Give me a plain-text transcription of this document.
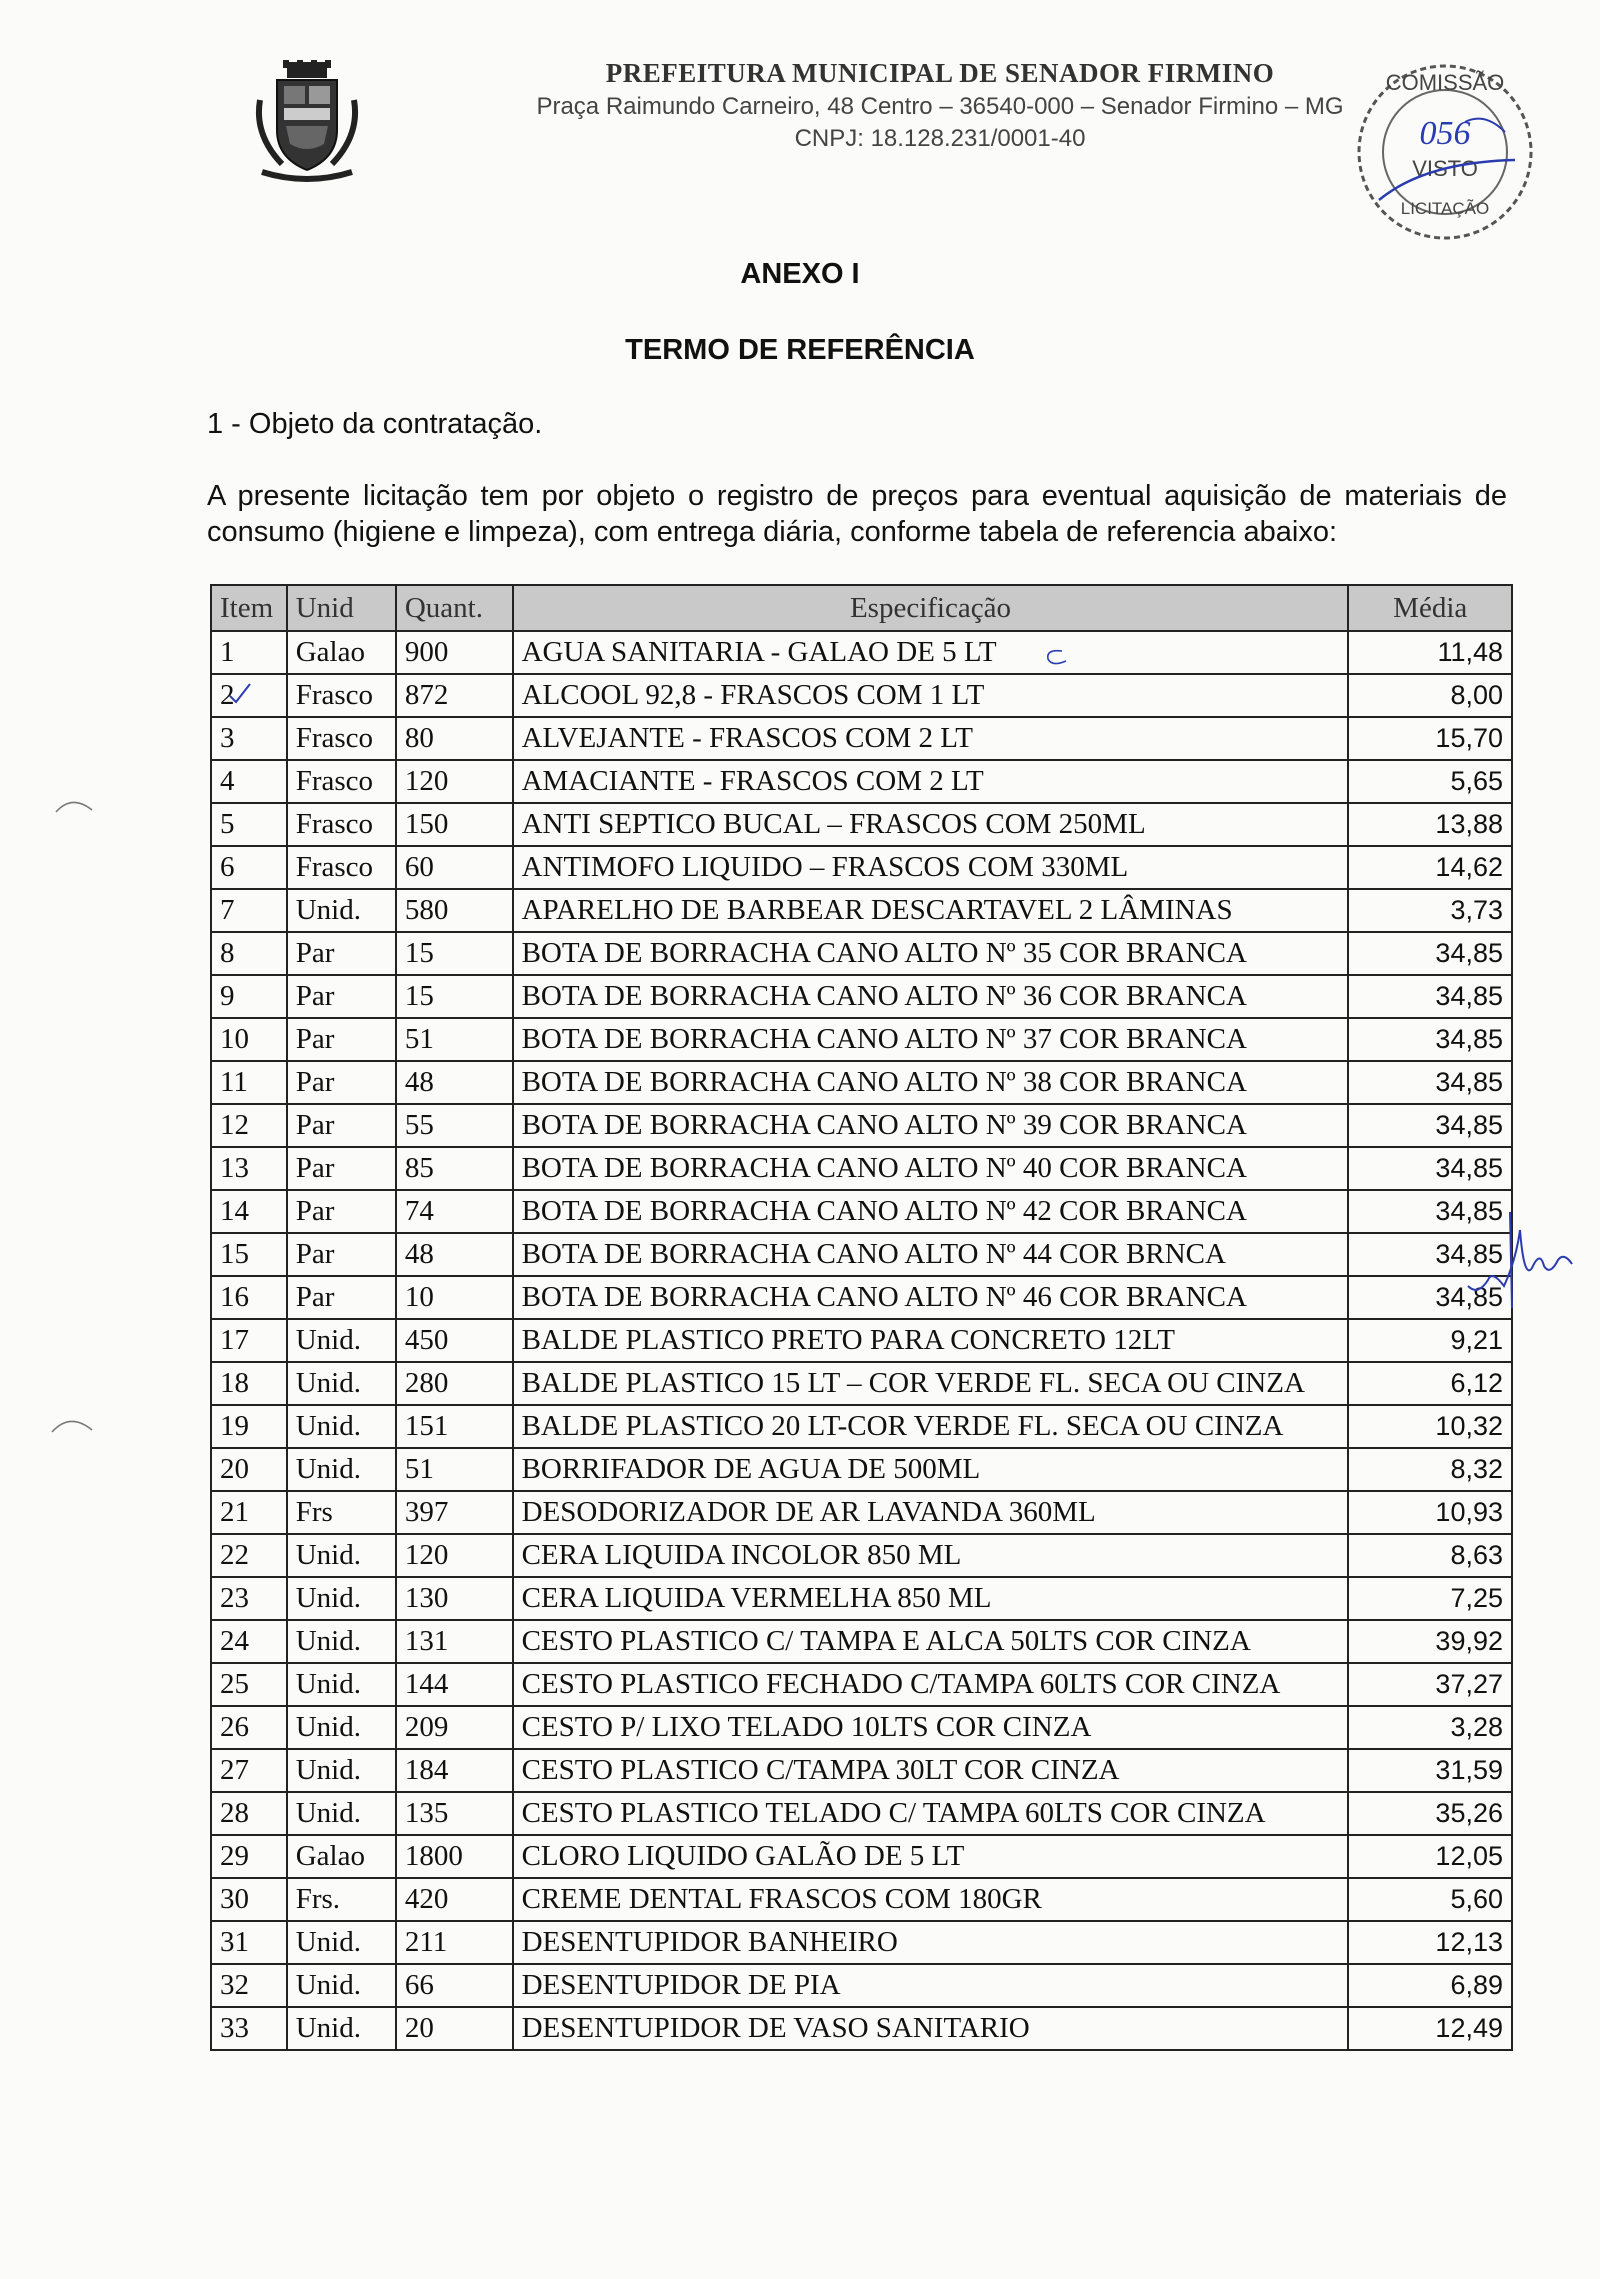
PREFEITURA MUNICIPAL DE SENADOR FIRMINO
Praça Raimundo Carneiro, 48 Centro – 36540-000 – Senador Firmino – MG
CNPJ: 18.128.231/0001-40
COMISSÃO
056
VISTO
LICITAÇÃO
ANEXO I
TERMO DE REFERÊNCIA
1 - Objeto da contratação.
A presente licitação tem por objeto o registro de preços para eventual aquisição de materiais de consumo (higiene e limpeza), com entrega diária, conforme tabela de referencia abaixo:
Item	Unid	Quant.	Especificação	Média
1	Galao	900	AGUA SANITARIA - GALAO DE 5 LT	11,48
2	Frasco	872	ALCOOL 92,8 - FRASCOS COM 1 LT	8,00
3	Frasco	80	ALVEJANTE - FRASCOS COM 2 LT	15,70
4	Frasco	120	AMACIANTE - FRASCOS COM 2 LT	5,65
5	Frasco	150	ANTI SEPTICO BUCAL – FRASCOS COM 250ML	13,88
6	Frasco	60	ANTIMOFO LIQUIDO – FRASCOS COM 330ML	14,62
7	Unid.	580	APARELHO DE BARBEAR DESCARTAVEL 2 LÂMINAS	3,73
8	Par	15	BOTA DE BORRACHA CANO ALTO Nº 35 COR BRANCA	34,85
9	Par	15	BOTA DE BORRACHA CANO ALTO Nº 36 COR BRANCA	34,85
10	Par	51	BOTA DE BORRACHA CANO ALTO Nº 37 COR BRANCA	34,85
11	Par	48	BOTA DE BORRACHA CANO ALTO Nº 38 COR BRANCA	34,85
12	Par	55	BOTA DE BORRACHA CANO ALTO Nº 39 COR BRANCA	34,85
13	Par	85	BOTA DE BORRACHA CANO ALTO Nº 40 COR BRANCA	34,85
14	Par	74	BOTA DE BORRACHA CANO ALTO Nº 42 COR BRANCA	34,85
15	Par	48	BOTA DE BORRACHA CANO ALTO Nº 44 COR BRNCA	34,85
16	Par	10	BOTA DE BORRACHA CANO ALTO Nº 46 COR BRANCA	34,85
17	Unid.	450	BALDE PLASTICO PRETO PARA CONCRETO 12LT	9,21
18	Unid.	280	BALDE PLASTICO 15 LT – COR VERDE FL. SECA OU CINZA	6,12
19	Unid.	151	BALDE PLASTICO 20 LT-COR VERDE FL. SECA OU CINZA	10,32
20	Unid.	51	BORRIFADOR DE AGUA DE 500ML	8,32
21	Frs	397	DESODORIZADOR DE AR LAVANDA 360ML	10,93
22	Unid.	120	CERA LIQUIDA INCOLOR 850 ML	8,63
23	Unid.	130	CERA LIQUIDA VERMELHA 850 ML	7,25
24	Unid.	131	CESTO PLASTICO C/ TAMPA E ALCA 50LTS COR CINZA	39,92
25	Unid.	144	CESTO PLASTICO FECHADO C/TAMPA 60LTS COR CINZA	37,27
26	Unid.	209	CESTO P/ LIXO TELADO 10LTS COR CINZA	3,28
27	Unid.	184	CESTO PLASTICO C/TAMPA 30LT COR CINZA	31,59
28	Unid.	135	CESTO PLASTICO TELADO C/ TAMPA 60LTS COR CINZA	35,26
29	Galao	1800	CLORO LIQUIDO GALÃO DE 5 LT	12,05
30	Frs.	420	CREME DENTAL FRASCOS COM 180GR	5,60
31	Unid.	211	DESENTUPIDOR BANHEIRO	12,13
32	Unid.	66	DESENTUPIDOR DE PIA	6,89
33	Unid.	20	DESENTUPIDOR DE VASO SANITARIO	12,49
